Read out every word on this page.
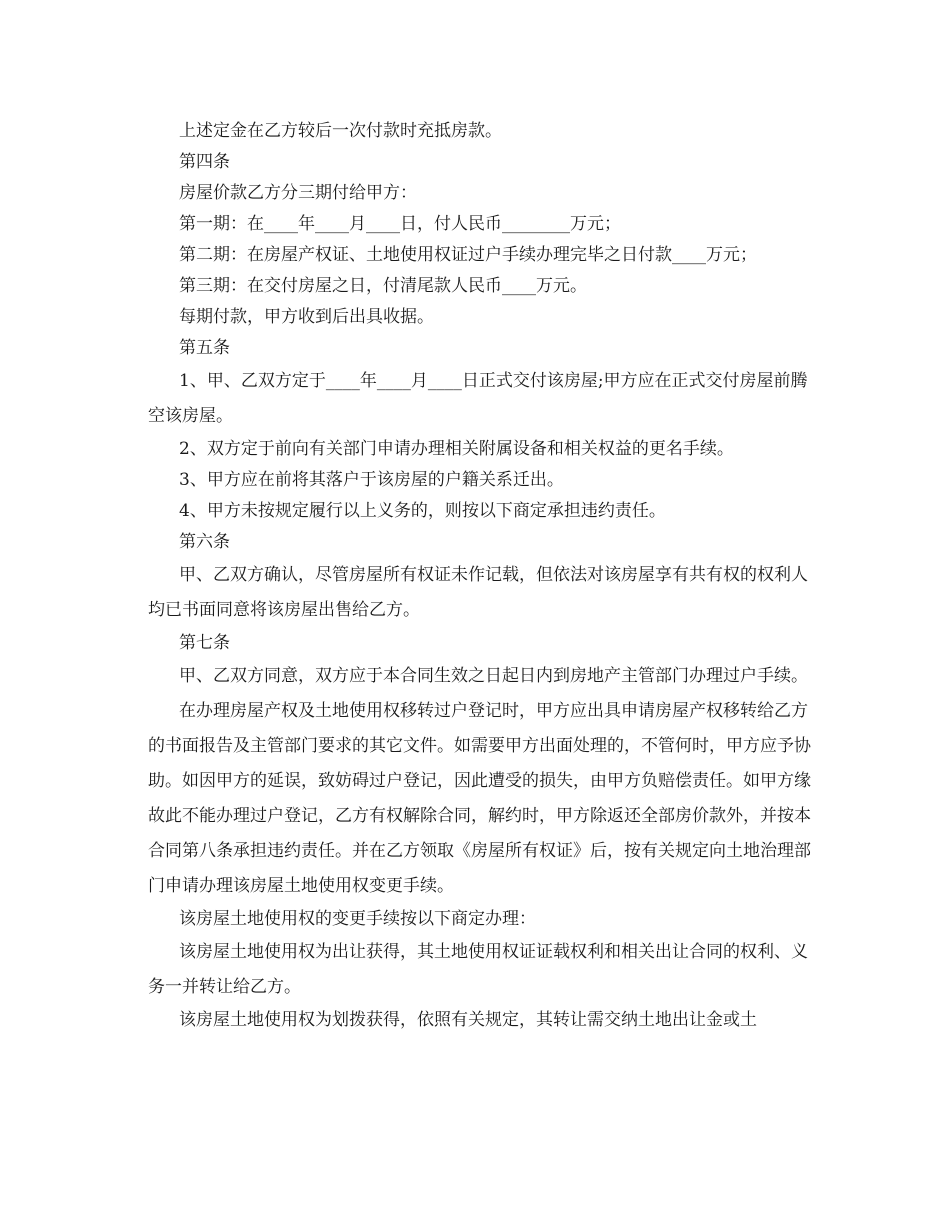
上述定金在乙方较后一次付款时充抵房款。

第四条

房屋价款乙方分三期付给甲方：

第一期：在____年____月____日，付人民币________万元；

第二期：在房屋产权证、土地使用权证过户手续办理完毕之日付款____万元；

第三期：在交付房屋之日，付清尾款人民币____万元。

每期付款，甲方收到后出具收据。

第五条

1、甲、乙双方定于____年____月____日正式交付该房屋;甲方应在正式交付房屋前腾空该房屋。

2、双方定于前向有关部门申请办理相关附属设备和相关权益的更名手续。

3、甲方应在前将其落户于该房屋的户籍关系迁出。

4、甲方未按规定履行以上义务的，则按以下商定承担违约责任。

第六条

甲、乙双方确认，尽管房屋所有权证未作记载，但依法对该房屋享有共有权的权利人均已书面同意将该房屋出售给乙方。

第七条

甲、乙双方同意，双方应于本合同生效之日起日内到房地产主管部门办理过户手续。

在办理房屋产权及土地使用权移转过户登记时，甲方应出具申请房屋产权移转给乙方的书面报告及主管部门要求的其它文件。如需要甲方出面处理的，不管何时，甲方应予协助。如因甲方的延误，致妨碍过户登记，因此遭受的损失，由甲方负赔偿责任。如甲方缘故此不能办理过户登记，乙方有权解除合同，解约时，甲方除返还全部房价款外，并按本合同第八条承担违约责任。并在乙方领取《房屋所有权证》后，按有关规定向土地治理部门申请办理该房屋土地使用权变更手续。

该房屋土地使用权的变更手续按以下商定办理：

该房屋土地使用权为出让获得，其土地使用权证证载权利和相关出让合同的权利、义务一并转让给乙方。

该房屋土地使用权为划拨获得，依照有关规定，其转让需交纳土地出让金或土
